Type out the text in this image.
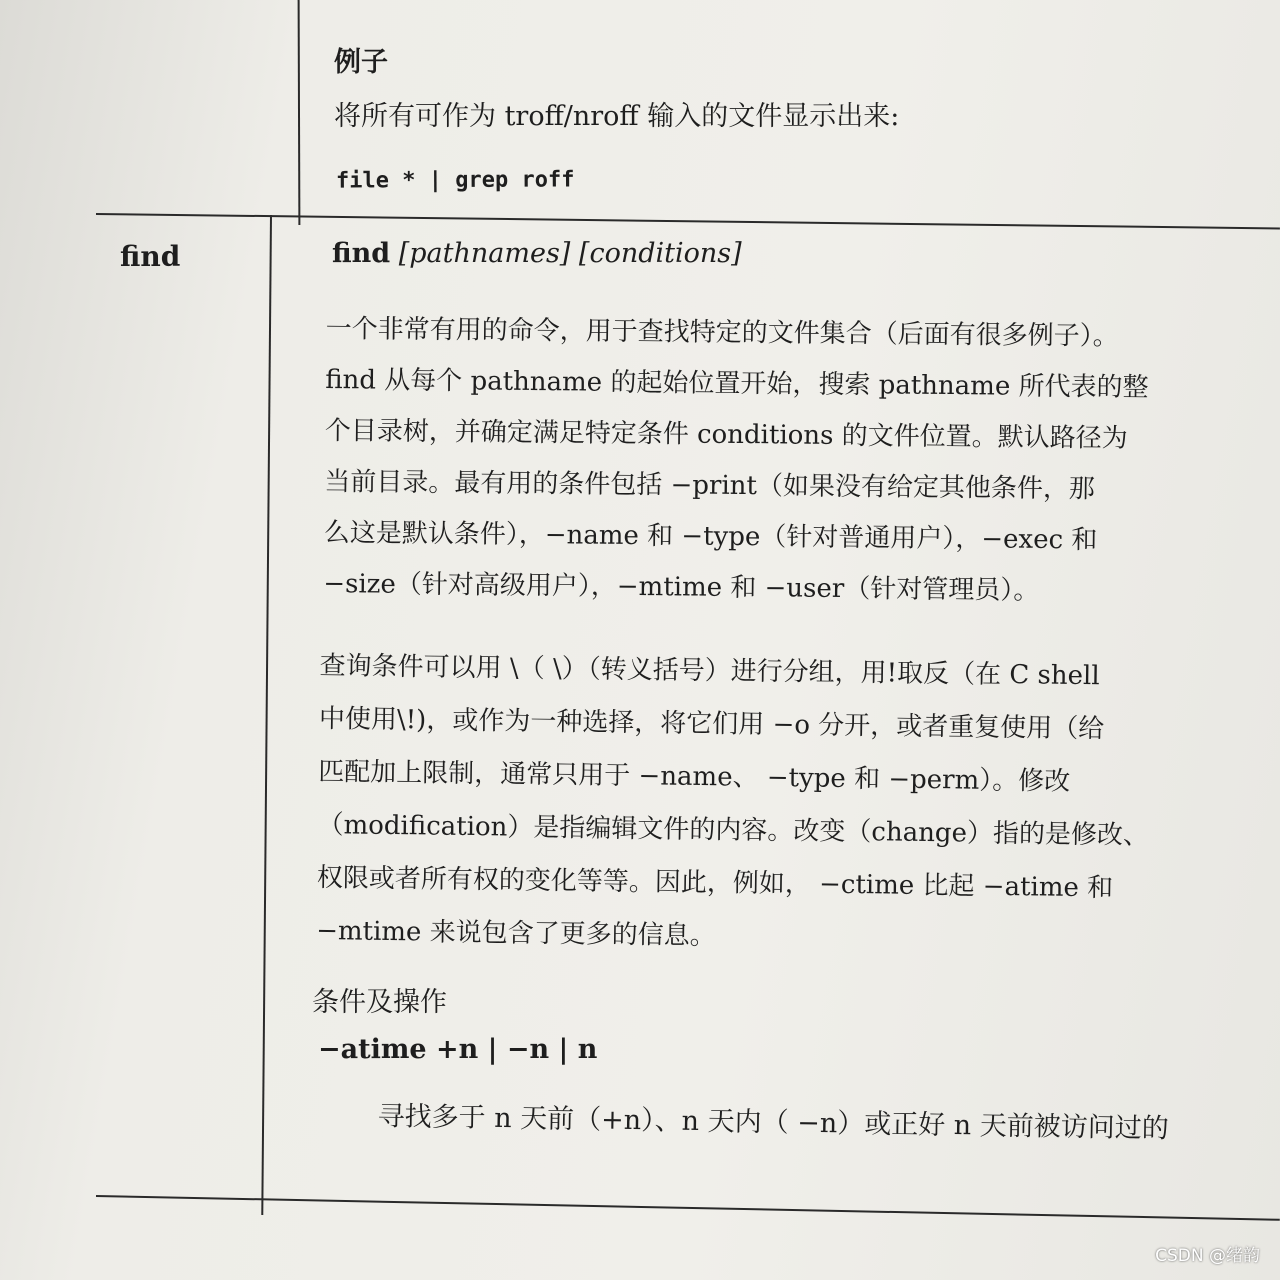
例子
将所有可作为 troff/nroff 输入的文件显示出来:
file * | grep roff
find	find [pathnames] [conditions]
一个非常有用的命令，用于查找特定的文件集合（后面有很多例子）。
find 从每个 pathname 的起始位置开始，搜索 pathname 所代表的整
个目录树，并确定满足特定条件 conditions 的文件位置。默认路径为
当前目录。最有用的条件包括 −print（如果没有给定其他条件，那
么这是默认条件），−name 和 −type（针对普通用户），−exec 和
−size（针对高级用户），−mtime 和 −user（针对管理员）。
查询条件可以用 \（ \）（转义括号）进行分组，用!取反（在 C shell
中使用\!)，或作为一种选择，将它们用 −o 分开，或者重复使用（给
匹配加上限制，通常只用于 −name、 −type 和 −perm）。修改
（modification）是指编辑文件的内容。改变（change）指的是修改、
权限或者所有权的变化等等。因此，例如， −ctime 比起 −atime 和
−mtime 来说包含了更多的信息。
条件及操作
−atime +n | −n | n
寻找多于 n 天前（+n）、n 天内（ −n）或正好 n 天前被访问过的
CSDN @绪韵
